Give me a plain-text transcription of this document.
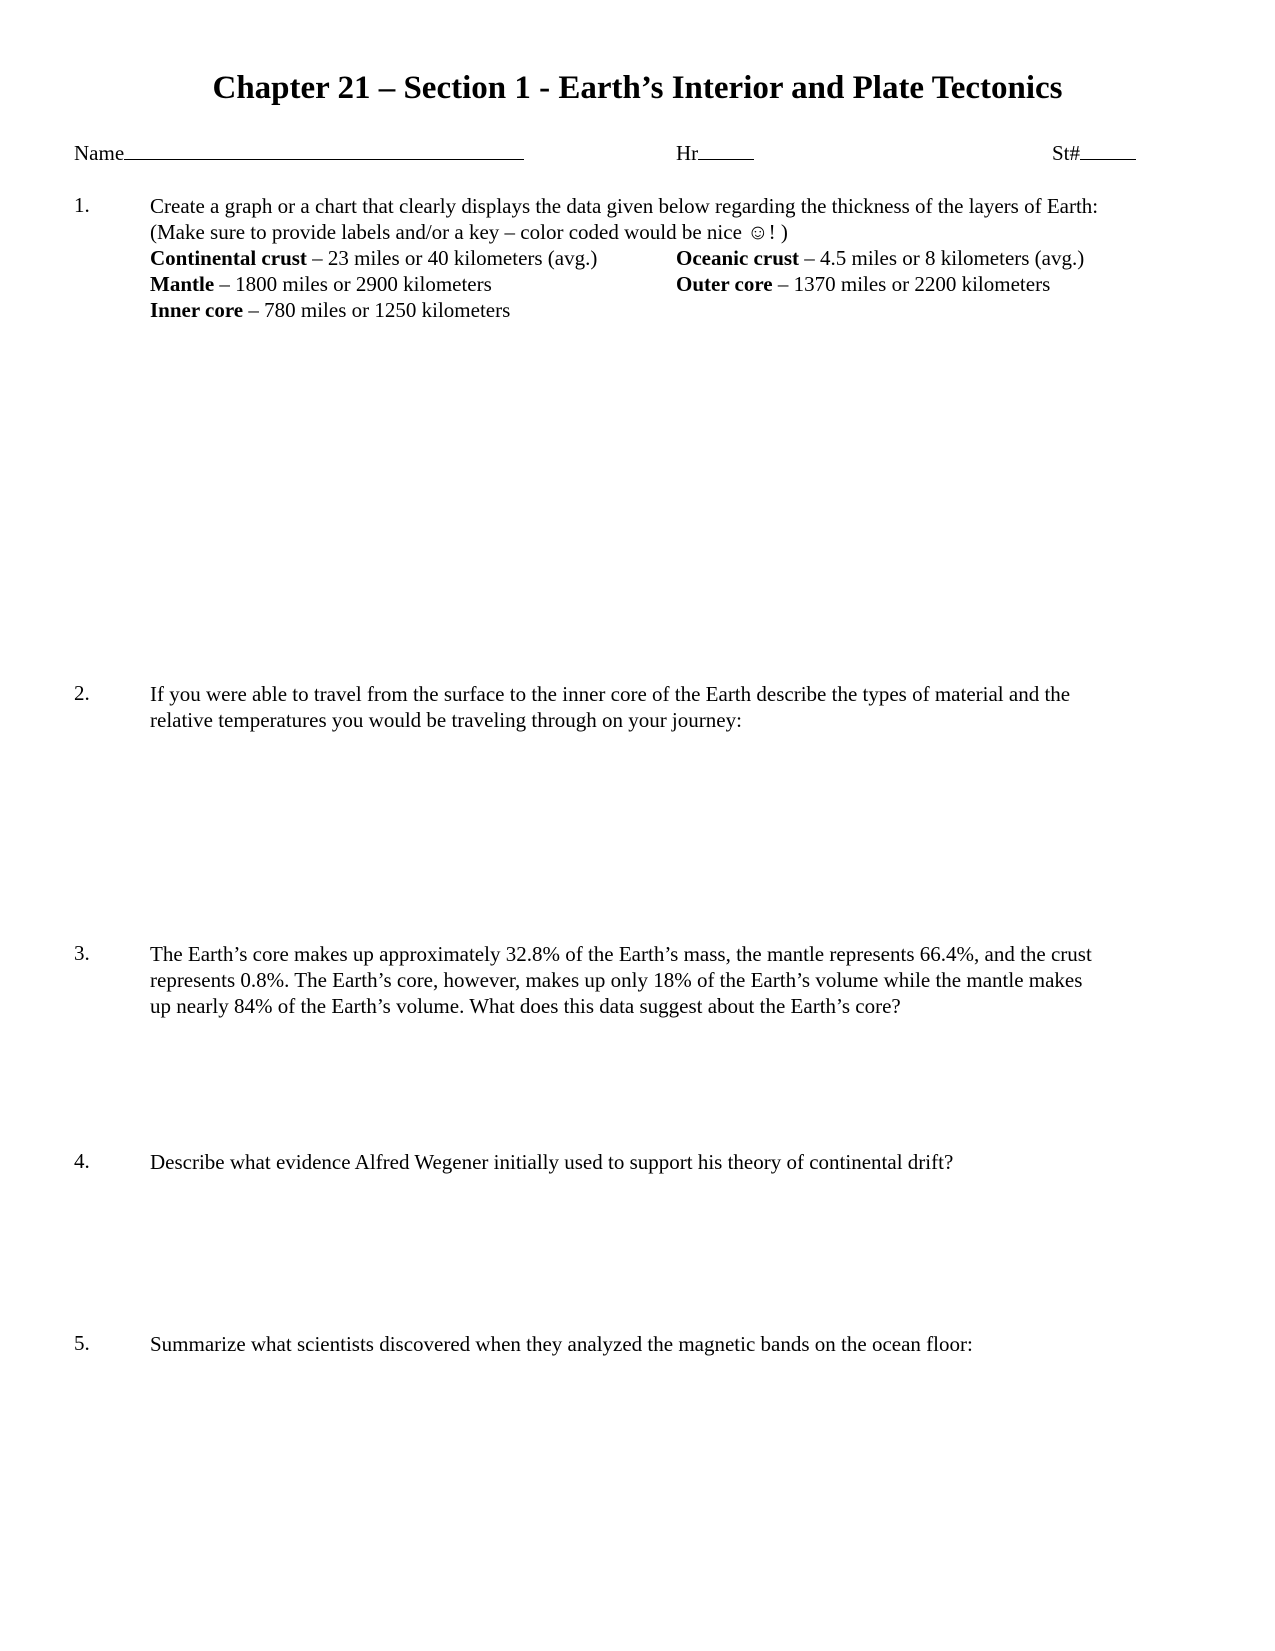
Chapter 21 – Section 1 - Earth’s Interior and Plate Tectonics
Name	Hr	St#
1.	Create a graph or a chart that clearly displays the data given below regarding the thickness of the layers of Earth:
(Make sure to provide labels and/or a key – color coded would be nice ☺! )
Continental crust – 23 miles or 40 kilometers (avg.)	Oceanic crust – 4.5 miles or 8 kilometers (avg.)
Mantle – 1800 miles or 2900 kilometers	Outer core – 1370 miles or 2200 kilometers
Inner core – 780 miles or 1250 kilometers
2.	If you were able to travel from the surface to the inner core of the Earth describe the types of material and the
relative temperatures you would be traveling through on your journey:
3.	The Earth’s core makes up approximately 32.8% of the Earth’s mass, the mantle represents 66.4%, and the crust
represents 0.8%. The Earth’s core, however, makes up only 18% of the Earth’s volume while the mantle makes
up nearly 84% of the Earth’s volume. What does this data suggest about the Earth’s core?
4.	Describe what evidence Alfred Wegener initially used to support his theory of continental drift?
5.	Summarize what scientists discovered when they analyzed the magnetic bands on the ocean floor:
